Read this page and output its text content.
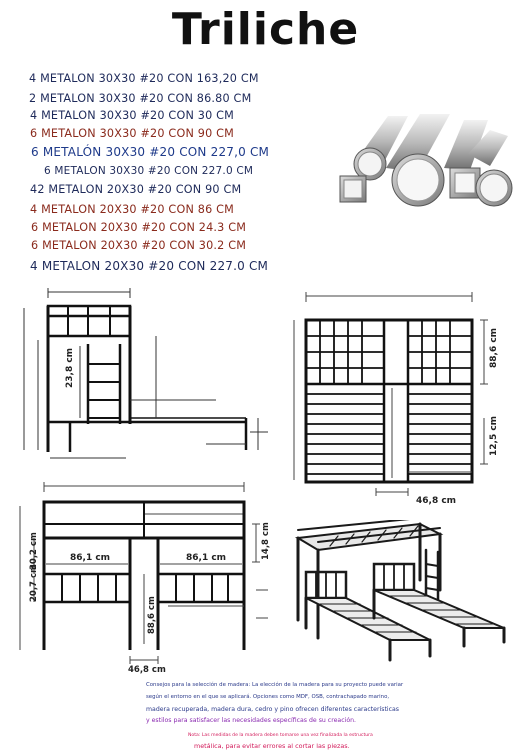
Triliche
4 METALON 30X30 #20 CON 163,20 CM
2 METALON 30X30 #20 CON 86.80 CM
4 METALON 30X30 #20 CON 30 CM
6 METALON 30X30 #20 CON 90 CM
6 METALÓN 30X30 #20 CON 227,0 CM
6 METALON 30X30 #20 CON 227.0 CM
42 METALON 20X30 #20 CON 90 CM
4 METALON 20X30 #20 CON 86 CM
6 METALON 20X30 #20 CON 24.3 CM
6 METALON 20X30 #20 CON 30.2 CM
4 METALON 20X30 #20 CON 227.0 CM
23,8 cm	88,6 cm
12,5 cm
46,8 cm
30,2 cm
20,7 cm
86,1 cm	86,1 cm	14,8 cm
88,6 cm
46,8 cm
Consejos para la selección de madera: La elección de la madera para su proyecto puede variar
según el entorno en el que se aplicará. Opciones como MDF, OSB, contrachapado marino,
madera recuperada, madera dura, cedro y pino ofrecen diferentes características
y estilos para satisfacer las necesidades específicas de su creación.
Nota: Las medidas de la madera deben tomarse una vez finalizada la estructura
metálica, para evitar errores al cortar las piezas.
